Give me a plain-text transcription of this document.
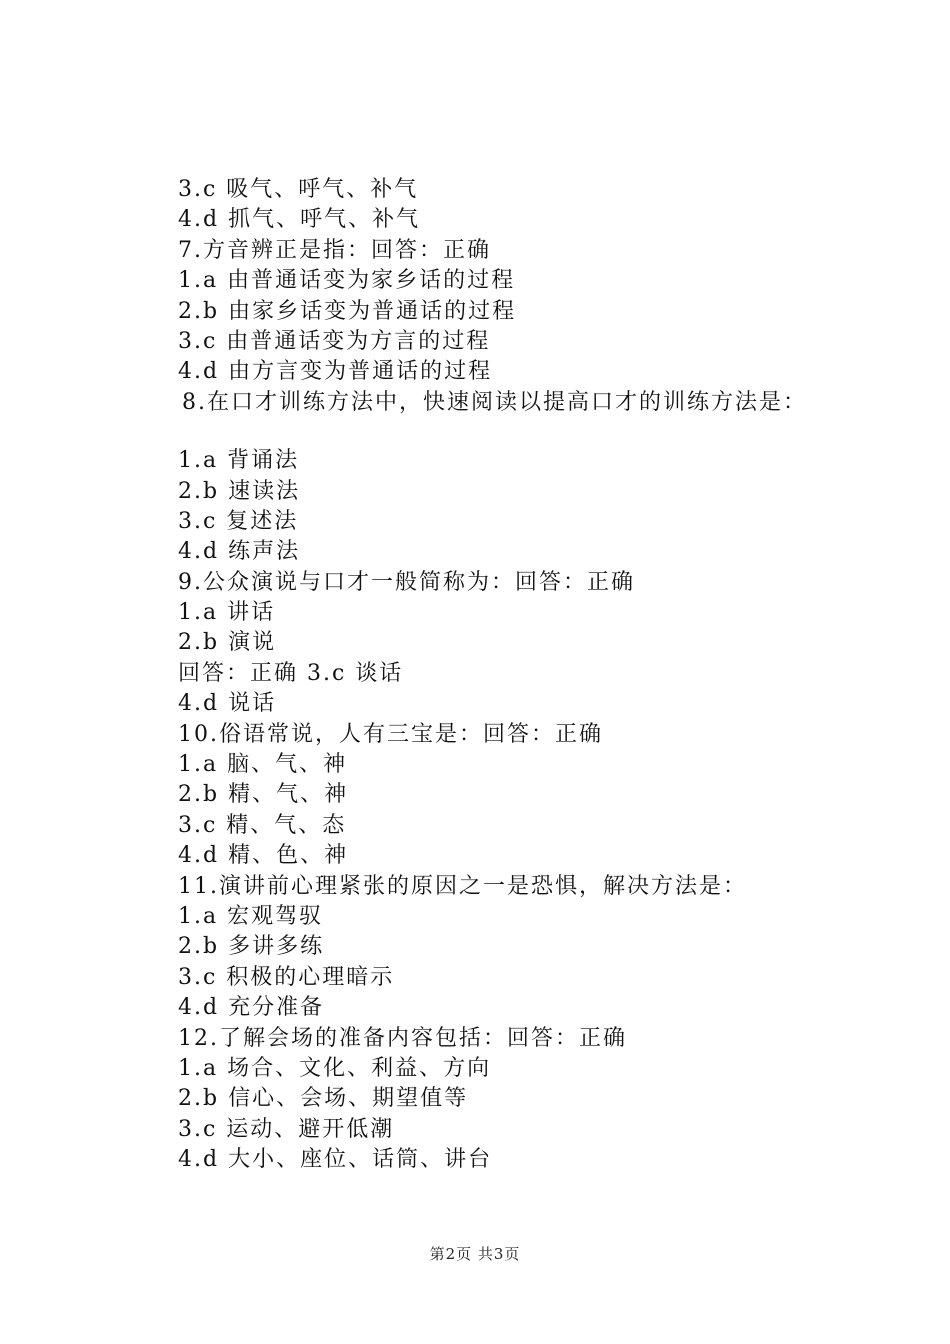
3.c 吸气、呼气、补气
4.d 抓气、呼气、补气
7.方音辨正是指：回答：正确
1.a 由普通话变为家乡话的过程
2.b 由家乡话变为普通话的过程
3.c 由普通话变为方言的过程
4.d 由方言变为普通话的过程
8.在口才训练方法中，快速阅读以提高口才的训练方法是：
1.a 背诵法
2.b 速读法
3.c 复述法
4.d 练声法
9.公众演说与口才一般简称为：回答：正确
1.a 讲话
2.b 演说
回答：正确 3.c 谈话
4.d 说话
10.俗语常说，人有三宝是：回答：正确
1.a 脑、气、神
2.b 精、气、神
3.c 精、气、态
4.d 精、色、神
11.演讲前心理紧张的原因之一是恐惧，解决方法是：
1.a 宏观驾驭
2.b 多讲多练
3.c 积极的心理暗示
4.d 充分准备
12.了解会场的准备内容包括：回答：正确
1.a 场合、文化、利益、方向
2.b 信心、会场、期望值等
3.c 运动、避开低潮
4.d 大小、座位、话筒、讲台
第2页 共3页
